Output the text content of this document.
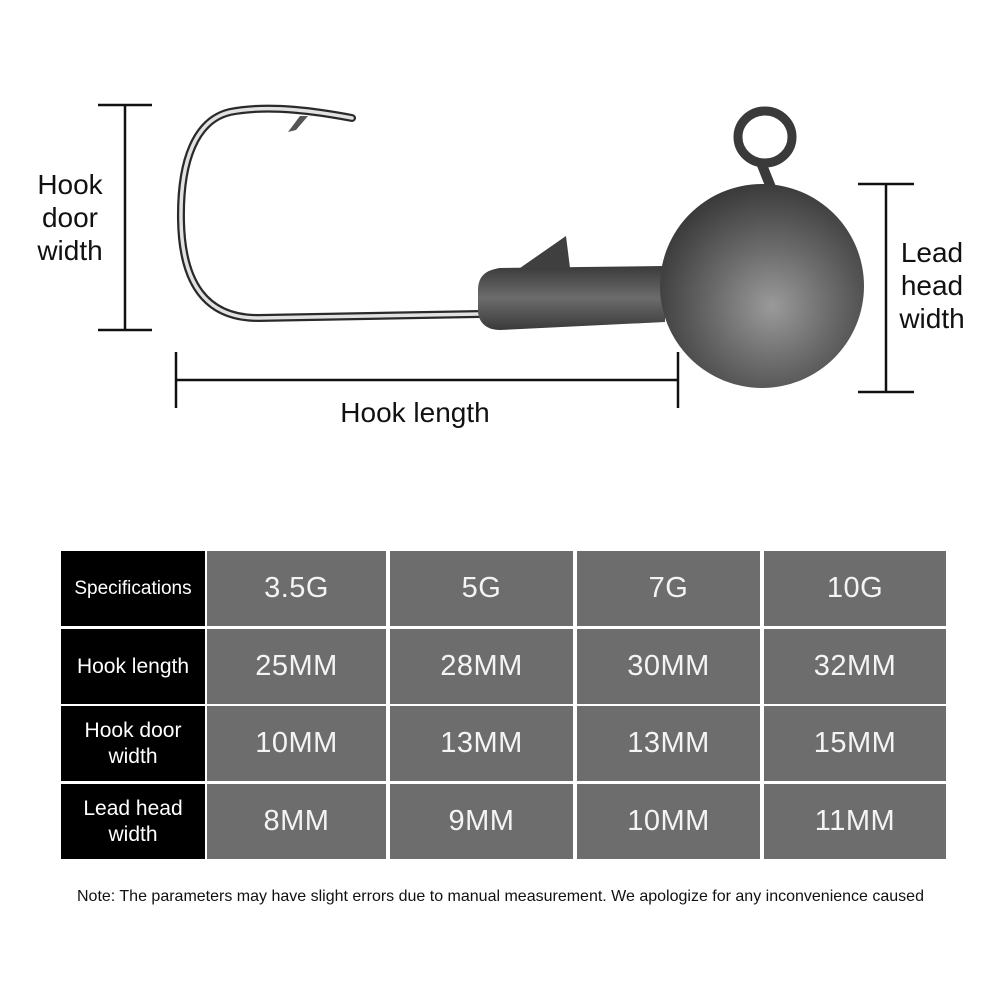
Hook
door
width	Lead
head
width
Hook length
Specifications	3.5G	5G	7G	10G
Hook length	25MM	28MM	30MM	32MM
Hook door
width	10MM	13MM	13MM	15MM
Lead head
width	8MM	9MM	10MM	11MM
Note: The parameters may have slight errors due to manual measurement. We apologize for any inconvenience caused
